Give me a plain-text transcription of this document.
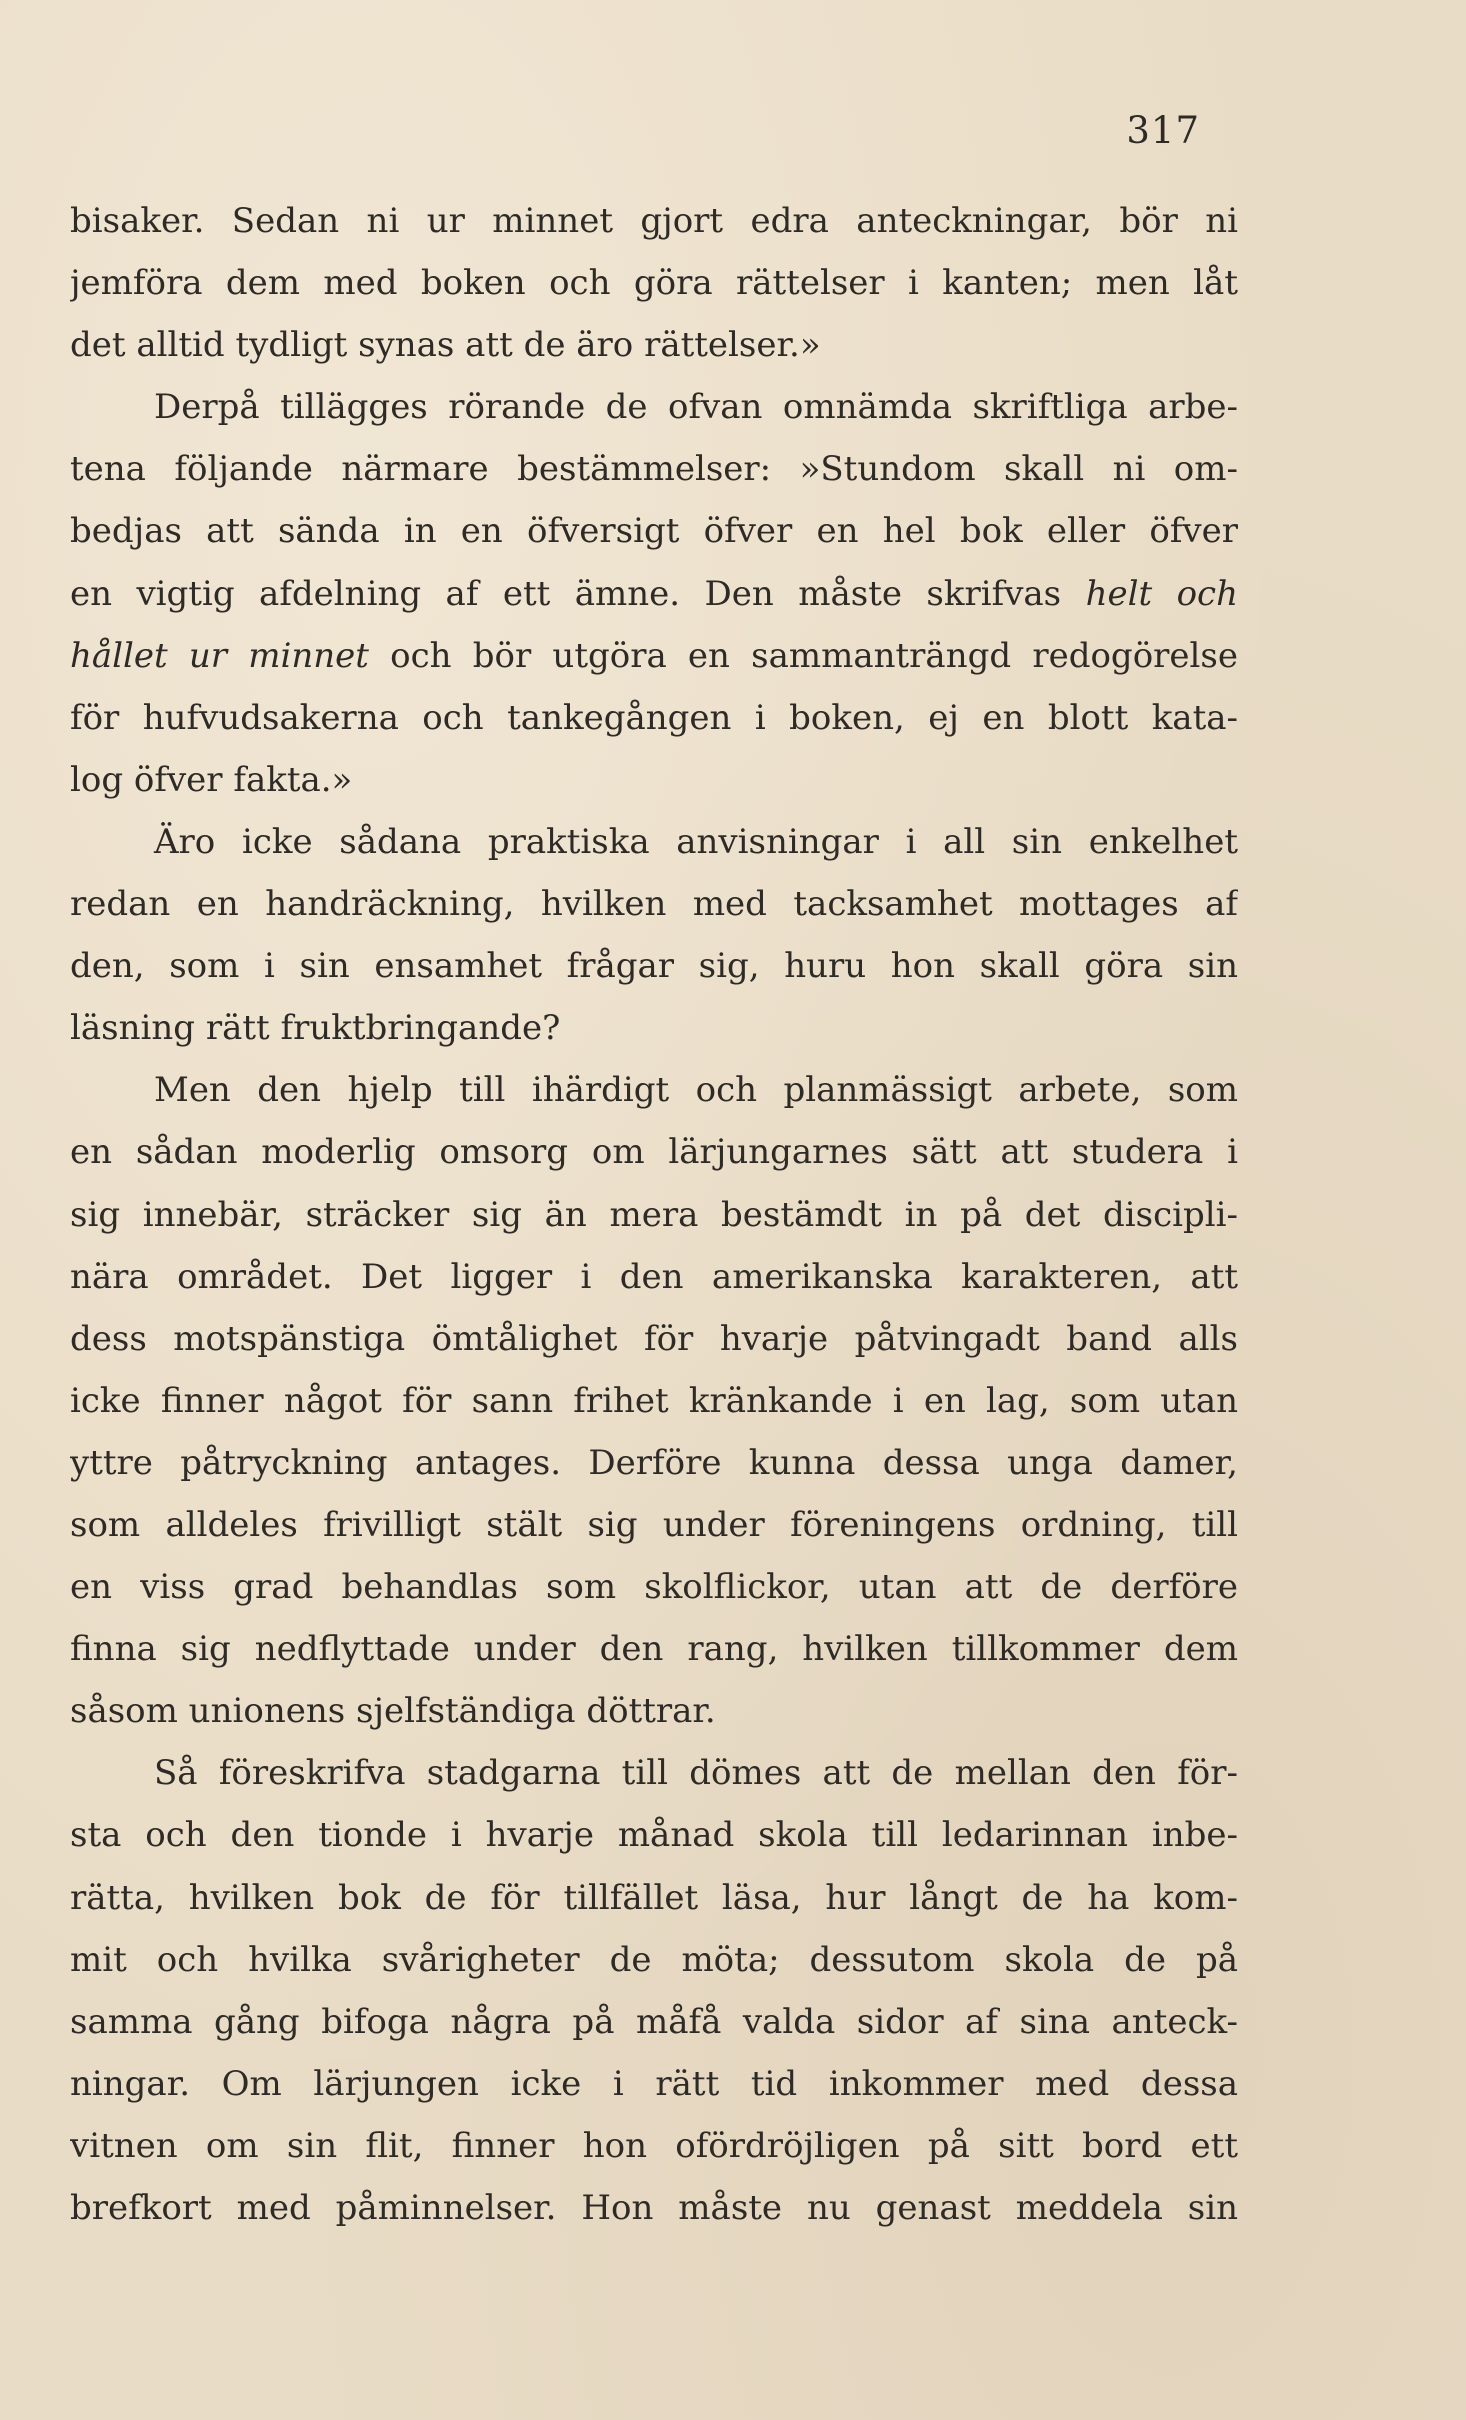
317
bisaker. Sedan ni ur minnet gjort edra anteckningar, bör ni
jemföra dem med boken och göra rättelser i kanten; men låt
det alltid tydligt synas att de äro rättelser.»
Derpå tillägges rörande de ofvan omnämda skriftliga arbe-
tena följande närmare bestämmelser: »Stundom skall ni om-
bedjas att sända in en öfversigt öfver en hel bok eller öfver
en vigtig afdelning af ett ämne. Den måste skrifvas helt och
hållet ur minnet och bör utgöra en sammanträngd redogörelse
för hufvudsakerna och tankegången i boken, ej en blott kata-
log öfver fakta.»
Äro icke sådana praktiska anvisningar i all sin enkelhet
redan en handräckning, hvilken med tacksamhet mottages af
den, som i sin ensamhet frågar sig, huru hon skall göra sin
läsning rätt fruktbringande?
Men den hjelp till ihärdigt och planmässigt arbete, som
en sådan moderlig omsorg om lärjungarnes sätt att studera i
sig innebär, sträcker sig än mera bestämdt in på det discipli-
nära området. Det ligger i den amerikanska karakteren, att
dess motspänstiga ömtålighet för hvarje påtvingadt band alls
icke finner något för sann frihet kränkande i en lag, som utan
yttre påtryckning antages. Derföre kunna dessa unga damer,
som alldeles frivilligt stält sig under föreningens ordning, till
en viss grad behandlas som skolflickor, utan att de derföre
finna sig nedflyttade under den rang, hvilken tillkommer dem
såsom unionens sjelfständiga döttrar.
Så föreskrifva stadgarna till dömes att de mellan den för-
sta och den tionde i hvarje månad skola till ledarinnan inbe-
rätta, hvilken bok de för tillfället läsa, hur långt de ha kom-
mit och hvilka svårigheter de möta; dessutom skola de på
samma gång bifoga några på måfå valda sidor af sina anteck-
ningar. Om lärjungen icke i rätt tid inkommer med dessa
vitnen om sin flit, finner hon ofördröjligen på sitt bord ett
brefkort med påminnelser. Hon måste nu genast meddela sin
